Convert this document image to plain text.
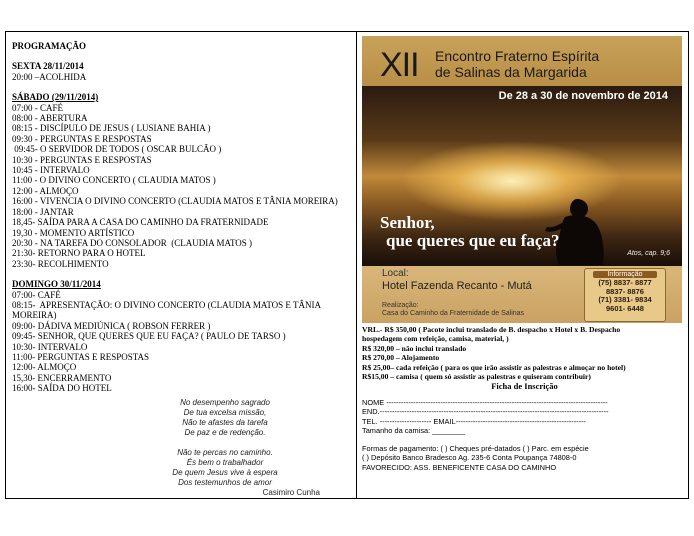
PROGRAMAÇÃO
SEXTA 28/11/2014
20:00 –ACOLHIDA
SÁBADO (29/11/2014)
07:00 - CAFÉ
08:00 - ABERTURA
08:15 - DISCÍPULO DE JESUS ( LUSIANE BAHIA )
09:30 - PERGUNTAS E RESPOSTAS
09:45- O SERVIDOR DE TODOS ( OSCAR BULCÃO )
10:30 - PERGUNTAS E RESPOSTAS
10:45 - INTERVALO
11:00 - O DIVINO CONCERTO ( CLAUDIA MATOS )
12:00 - ALMOÇO
16:00 - VIVENCIA O DIVINO CONCERTO (CLAUDIA MATOS E TÂNIA MOREIRA)
18:00 - JANTAR
18,45- SAÍDA PARA A CASA DO CAMINHO DA FRATERNIDADE
19,30 - MOMENTO ARTÍSTICO
20:30 - NA TAREFA DO CONSOLADOR  (CLAUDIA MATOS )
21:30- RETORNO PARA O HOTEL
23:30- RECOLHIMENTO
DOMINGO 30/11/2014
07:00- CAFÉ
08:15-  APRESENTAÇÃO: O DIVINO CONCERTO (CLAUDIA MATOS E TÂNIA
MOREIRA)
09:00- DÁDIVA MEDIÚNICA ( ROBSON FERRER )
09:45- SENHOR, QUE QUERES QUE EU FAÇA? ( PAULO DE TARSO )
10:30- INTERVALO
11:00- PERGUNTAS E RESPOSTAS
12:00- ALMOÇO
15,30- ENCERRAMENTO
16:00- SAÍDA DO HOTEL
No desempenho sagrado
De tua excelsa missão,
Não te afastes da tarefa
De paz e de redenção.
Não te percas no caminho.
És bem o trabalhador
De quem Jesus vive à espera
Dos testemunhos de amor
Casimiro Cunha
XII Encontro Fraterno Espírita
de Salinas da Margarida
De 28 a 30 de novembro de 2014
Senhor,
que queres que eu faça?
Atos, cap. 9;6
Local:
Hotel Fazenda Recanto - Mutá
Realização:
Casa do Caminho da Fraternidade de Salinas
Informação
(75) 8837- 8877
8837- 8876
(71) 3381- 9834
9601- 6448
VRL.- R$ 350,00 ( Pacote inclui translado de B. despacho x Hotel x B. Despacho
hospedagem com refeição, camisa, material, )
R$ 320,00 – não inclui translado
R$ 270,00 – Alojamento
R$ 25,00– cada refeição ( para os que irão assistir as palestras e almoçar no hotel)
R$15,00 – camisa ( quem só assistir as palestras e quiseram contribuir)
Ficha de Inscrição
NOME ------------------------------------------------------------------------------------------
END.---------------------------------------------------------------------------------------------
TEL. --------------------- EMAIL-----------------------------------------------------
Tamanho da camisa: ________
Formas de pagamento: ( ) Cheques pré-datados ( ) Parc. em espécie
( ) Depósito Banco Bradesco Ag. 235-6 Conta Poupança 74808-0
FAVORECIDO: ASS. BENEFICENTE CASA DO CAMINHO
